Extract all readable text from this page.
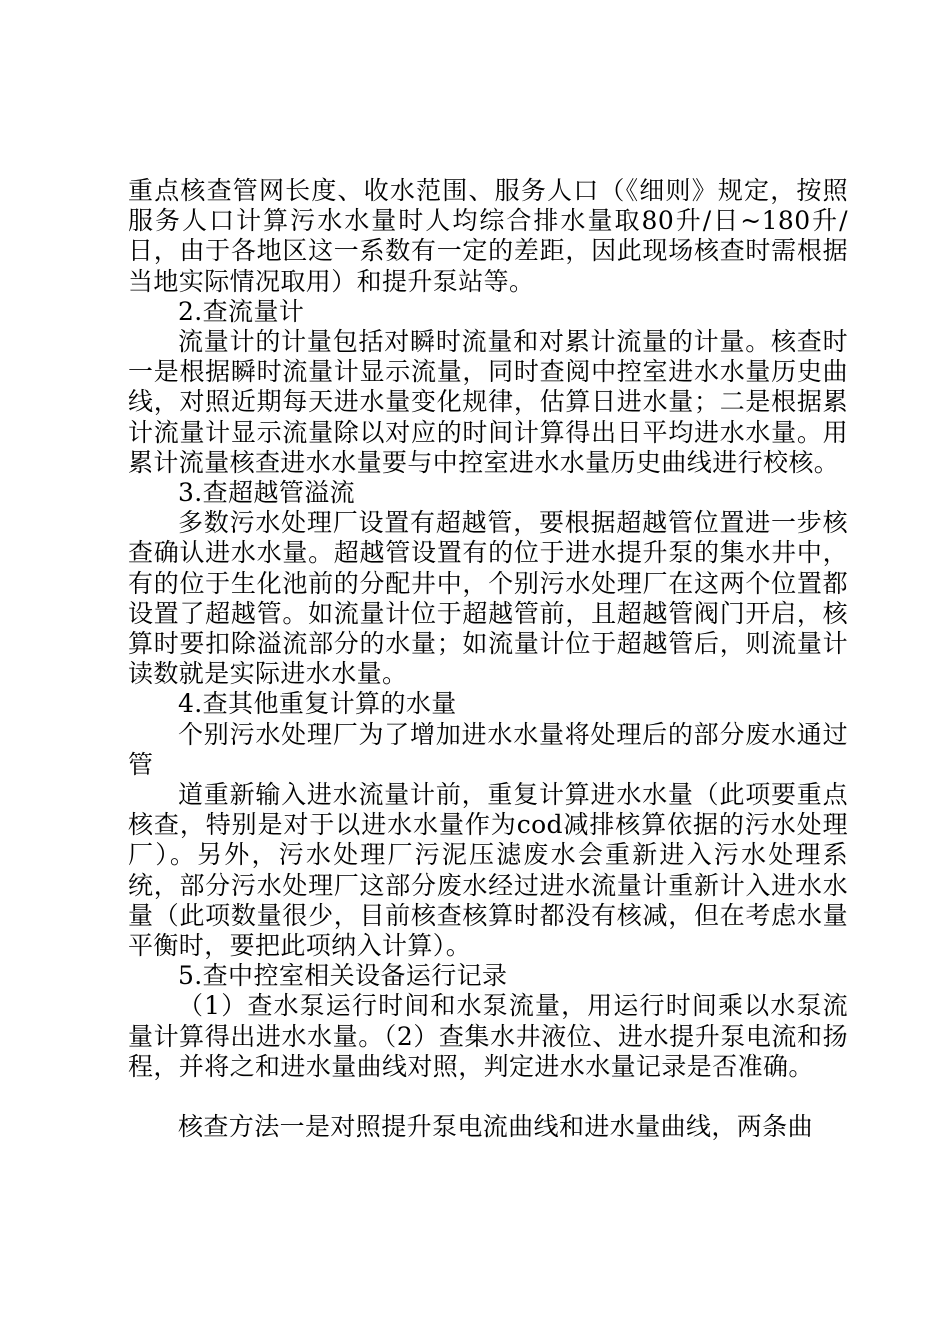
重点核查管网长度、收水范围、服务人口（《细则》规定，按照服务人口计算污水水量时人均综合排水量取80升/日~180升/日，由于各地区这一系数有一定的差距，因此现场核查时需根据当地实际情况取用）和提升泵站等。

2.查流量计

流量计的计量包括对瞬时流量和对累计流量的计量。核查时一是根据瞬时流量计显示流量，同时查阅中控室进水水量历史曲线，对照近期每天进水量变化规律，估算日进水量；二是根据累计流量计显示流量除以对应的时间计算得出日平均进水水量。用累计流量核查进水水量要与中控室进水水量历史曲线进行校核。

3.查超越管溢流

多数污水处理厂设置有超越管，要根据超越管位置进一步核查确认进水水量。超越管设置有的位于进水提升泵的集水井中，有的位于生化池前的分配井中，个别污水处理厂在这两个位置都设置了超越管。如流量计位于超越管前，且超越管阀门开启，核算时要扣除溢流部分的水量；如流量计位于超越管后，则流量计读数就是实际进水水量。

4.查其他重复计算的水量

个别污水处理厂为了增加进水水量将处理后的部分废水通过管

道重新输入进水流量计前，重复计算进水水量（此项要重点核查，特别是对于以进水水量作为cod减排核算依据的污水处理厂）。另外，污水处理厂污泥压滤废水会重新进入污水处理系统，部分污水处理厂这部分废水经过进水流量计重新计入进水水量（此项数量很少，目前核查核算时都没有核减，但在考虑水量平衡时，要把此项纳入计算）。

5.查中控室相关设备运行记录

（1）查水泵运行时间和水泵流量，用运行时间乘以水泵流量计算得出进水水量。（2）查集水井液位、进水提升泵电流和扬程，并将之和进水量曲线对照，判定进水水量记录是否准确。

核查方法一是对照提升泵电流曲线和进水量曲线，两条曲
